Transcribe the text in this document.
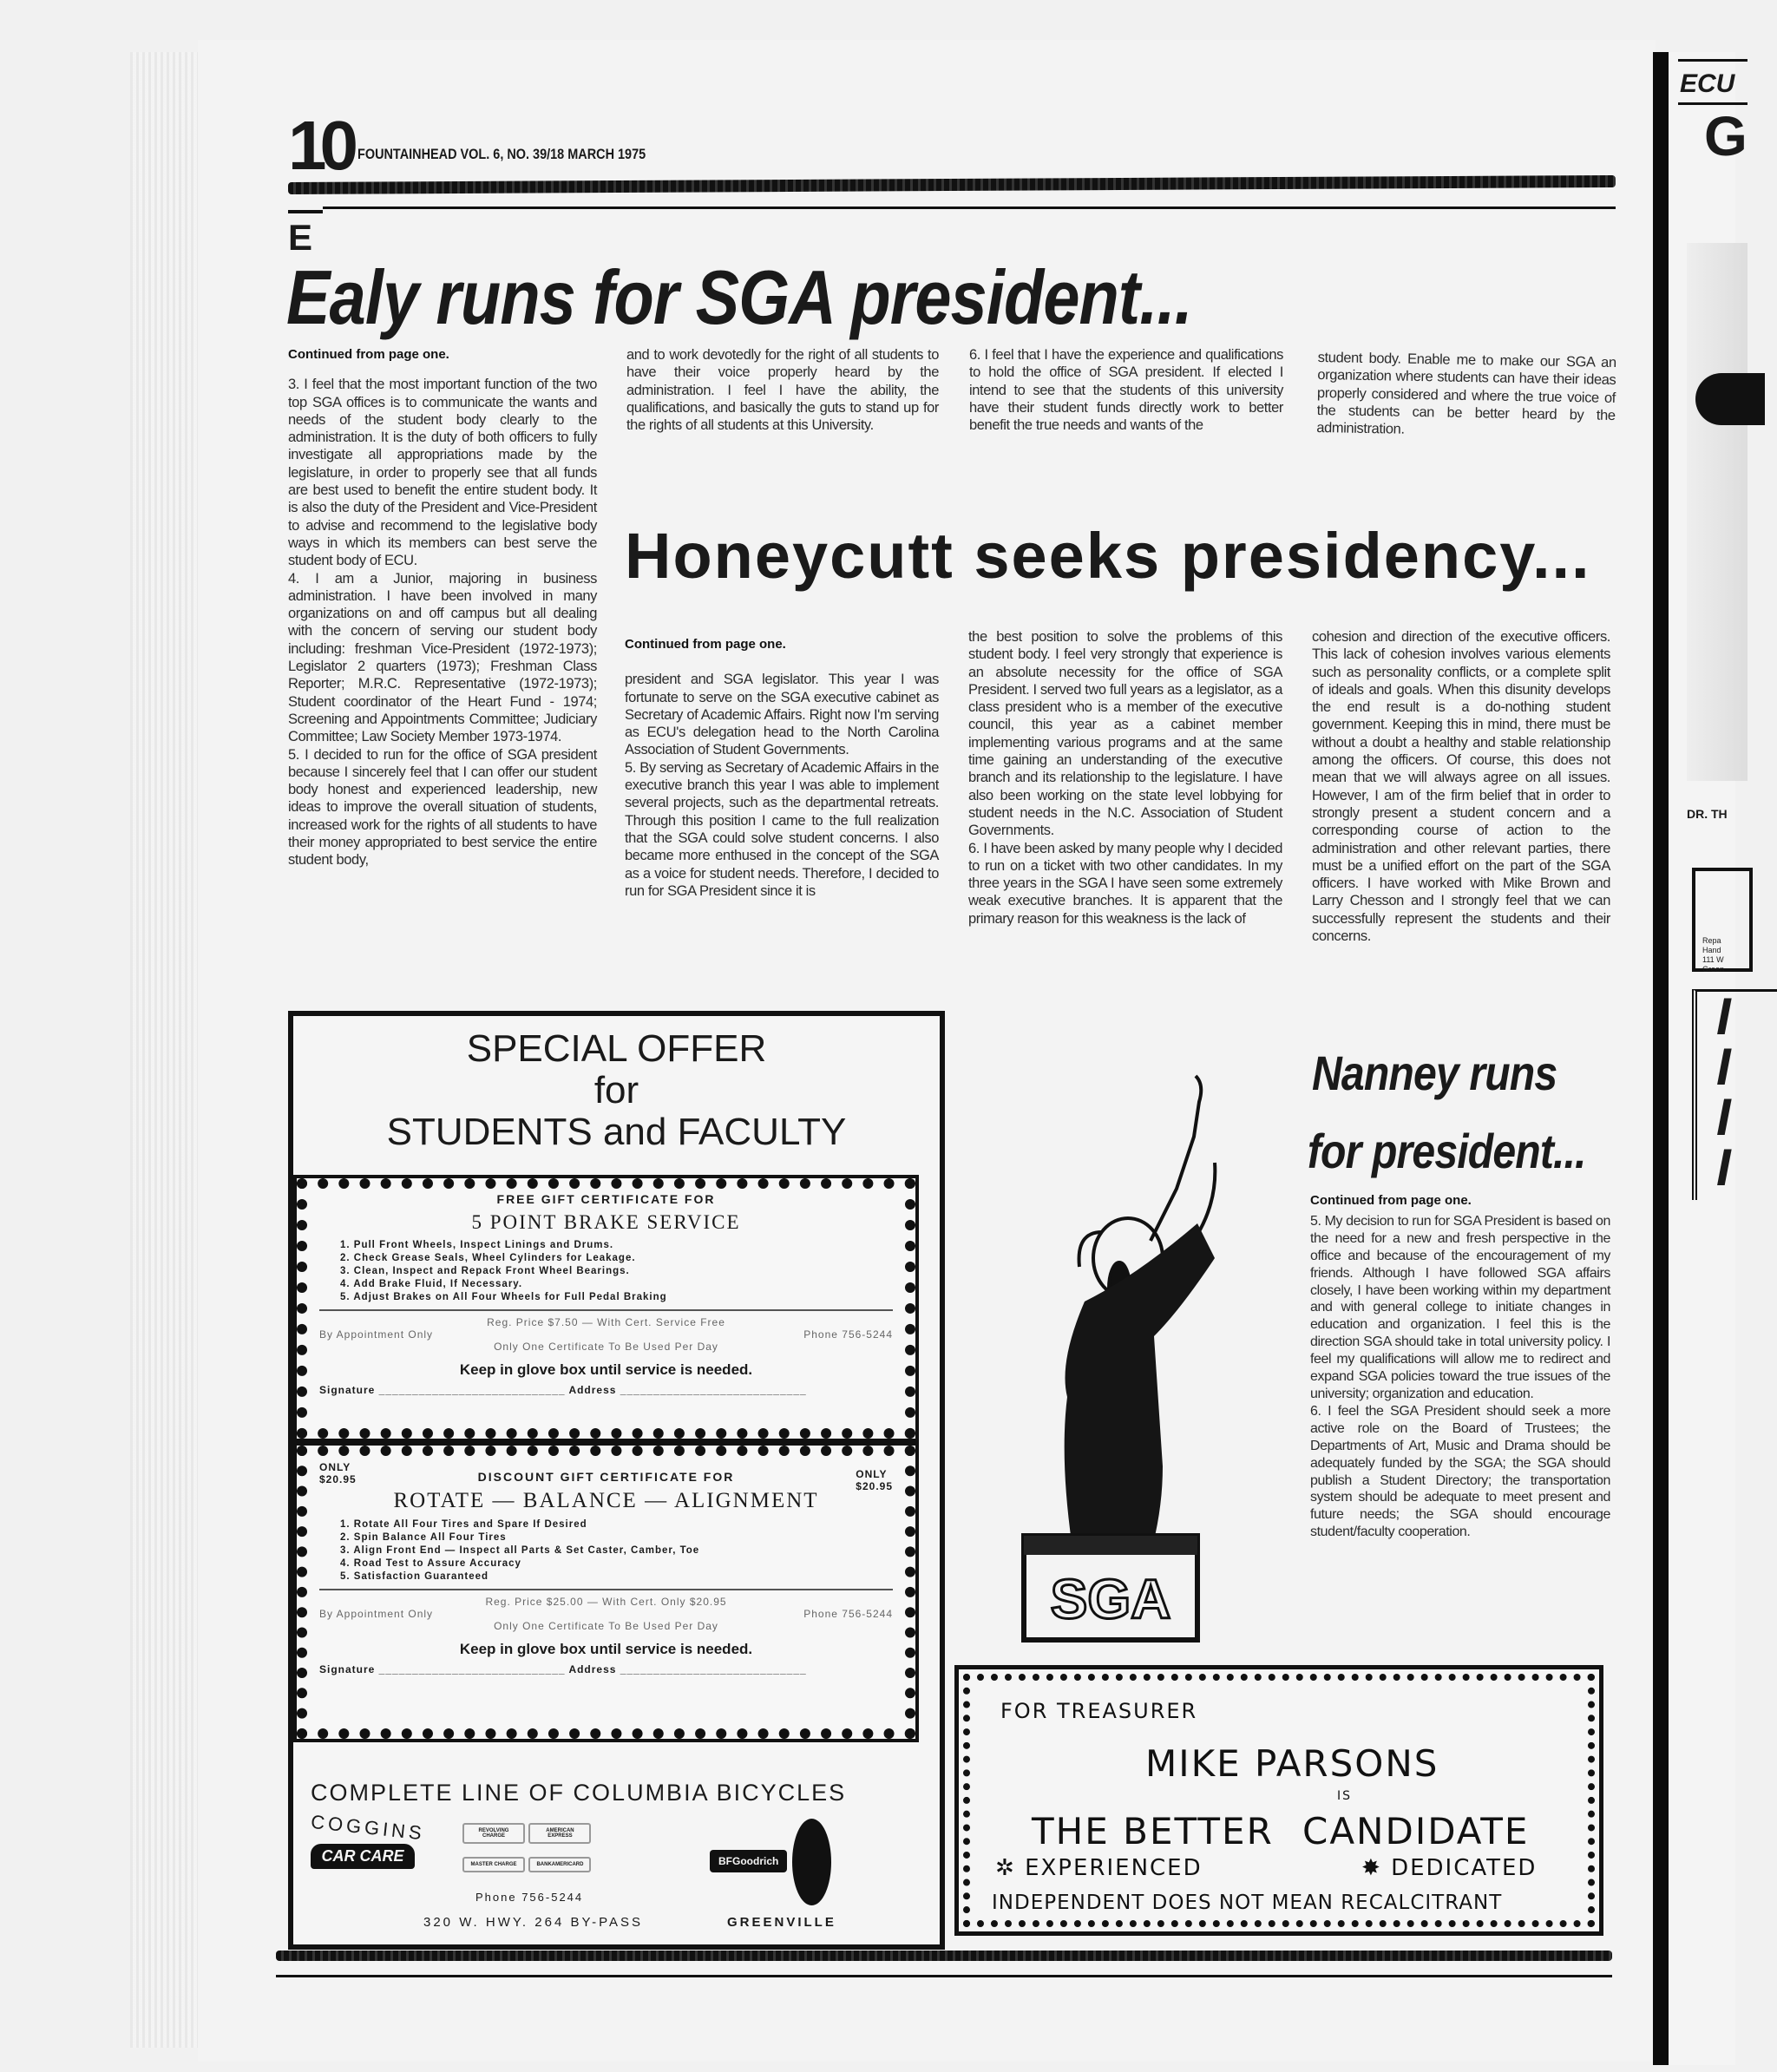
ECU
G
DR. TH
Repa
Hand
111 W
Green
I
I
I
I
10 FOUNTAINHEAD VOL. 6, NO. 39/18 MARCH 1975
E
Ealy runs for SGA president...

Continued from page one.

3. I feel that the most important function of the two top SGA offices is to communicate the wants and needs of the student body clearly to the administration. It is the duty of both officers to fully investigate all appropriations made by the legislature, in order to properly see that all funds are best used to benefit the entire student body. It is also the duty of the President and Vice-President to advise and recommend to the legislative body ways in which its members can best serve the student body of ECU.

4. I am a Junior, majoring in business administration. I have been involved in many organizations on and off campus but all dealing with the concern of serving our student body including: freshman Vice-President (1972-1973); Legislator 2 quarters (1973); Freshman Class Reporter; M.R.C. Representative (1972-1973); Student coordinator of the Heart Fund - 1974; Screening and Appointments Committee; Judiciary Committee; Law Society Member 1973-1974.

5. I decided to run for the office of SGA president because I sincerely feel that I can offer our student body honest and experienced leadership, new ideas to improve the overall situation of students, increased work for the rights of all students to have their money appropriated to best service the entire student body,

and to work devotedly for the right of all students to have their voice properly heard by the administration. I feel I have the ability, the qualifications, and basically the guts to stand up for the rights of all students at this University.

6. I feel that I have the experience and qualifications to hold the office of SGA president. If elected I intend to see that the students of this university have their student funds directly work to better benefit the true needs and wants of the

student body. Enable me to make our SGA an organization where students can have their ideas properly considered and where the true voice of the students can be better heard by the administration.

Honeycutt seeks presidency...

Continued from page one.

president and SGA legislator. This year I was fortunate to serve on the SGA executive cabinet as Secretary of Academic Affairs. Right now I'm serving as ECU's delegation head to the North Carolina Association of Student Governments.

5. By serving as Secretary of Academic Affairs in the executive branch this year I was able to implement several projects, such as the departmental retreats. Through this position I came to the full realization that the SGA could solve student concerns. I also became more enthused in the concept of the SGA as a voice for student needs. Therefore, I decided to run for SGA President since it is

the best position to solve the problems of this student body. I feel very strongly that experience is an absolute necessity for the office of SGA President. I served two full years as a legislator, as a class president who is a member of the executive council, this year as a cabinet member implementing various programs and at the same time gaining an understanding of the executive branch and its relationship to the legislature. I have also been working on the state level lobbying for student needs in the N.C. Association of Student Governments.

6. I have been asked by many people why I decided to run on a ticket with two other candidates. In my three years in the SGA I have seen some extremely weak executive branches. It is apparent that the primary reason for this weakness is the lack of

cohesion and direction of the executive officers. This lack of cohesion involves various elements such as personality conflicts, or a complete split of ideals and goals. When this disunity develops the end result is a do-nothing student government. Keeping this in mind, there must be without a doubt a healthy and stable relationship among the officers. Of course, this does not mean that we will always agree on all issues. However, I am of the firm belief that in order to strongly present a student concern and a corresponding course of action to the administration and other relevant parties, there must be a unified effort on the part of the SGA officers. I have worked with Mike Brown and Larry Chesson and I strongly feel that we can successfully represent the students and their concerns.

SPECIAL OFFER
for
STUDENTS and FACULTY
FREE GIFT CERTIFICATE FOR
5 POINT BRAKE SERVICE
1. Pull Front Wheels, Inspect Linings and Drums.
2. Check Grease Seals, Wheel Cylinders for Leakage.
3. Clean, Inspect and Repack Front Wheel Bearings.
4. Add Brake Fluid, If Necessary.
5. Adjust Brakes on All Four Wheels for Full Pedal Braking
Reg. Price $7.50 — With Cert. Service Free
By Appointment Only	Phone 756-5244
Only One Certificate To Be Used Per Day
Keep in glove box until service is needed.
Signature ____________________________ Address ____________________________
ONLY
$20.95	ONLY
$20.95
DISCOUNT GIFT CERTIFICATE FOR
ROTATE — BALANCE — ALIGNMENT
1. Rotate All Four Tires and Spare If Desired
2. Spin Balance All Four Tires
3. Align Front End — Inspect all Parts & Set Caster, Camber, Toe
4. Road Test to Assure Accuracy
5. Satisfaction Guaranteed
Reg. Price $25.00 — With Cert. Only $20.95
By Appointment Only	Phone 756-5244
Only One Certificate To Be Used Per Day
Keep in glove box until service is needed.
Signature ____________________________ Address ____________________________
COMPLETE LINE OF COLUMBIA BICYCLES
COGGINS
CAR CARE
REVOLVING CHARGE AMERICAN EXPRESS
MASTER CHARGE	BANKAMERICARD
Phone 756-5244
320 W. HWY. 264 BY-PASS
BFGoodrich
GREENVILLE
SGA
Nanney runs
for president...

Continued from page one.

5. My decision to run for SGA President is based on the need for a new and fresh perspective in the office and because of the encouragement of my friends. Although I have followed SGA affairs closely, I have been working within my department and with general college to initiate changes in education and organization. I feel this is the direction SGA should take in total university policy. I feel my qualifications will allow me to redirect and expand SGA policies toward the true issues of the university; organization and education.

6. I feel the SGA President should seek a more active role on the Board of Trustees; the Departments of Art, Music and Drama should be adequately funded by the SGA; the SGA should publish a Student Directory; the transportation system should be adequate to meet present and future needs; the SGA should encourage student/faculty cooperation.

FOR TREASURER
MIKE PARSONS
IS
THE BETTER CANDIDATE
✲ EXPERIENCED	✸ DEDICATED
INDEPENDENT DOES NOT MEAN RECALCITRANT
